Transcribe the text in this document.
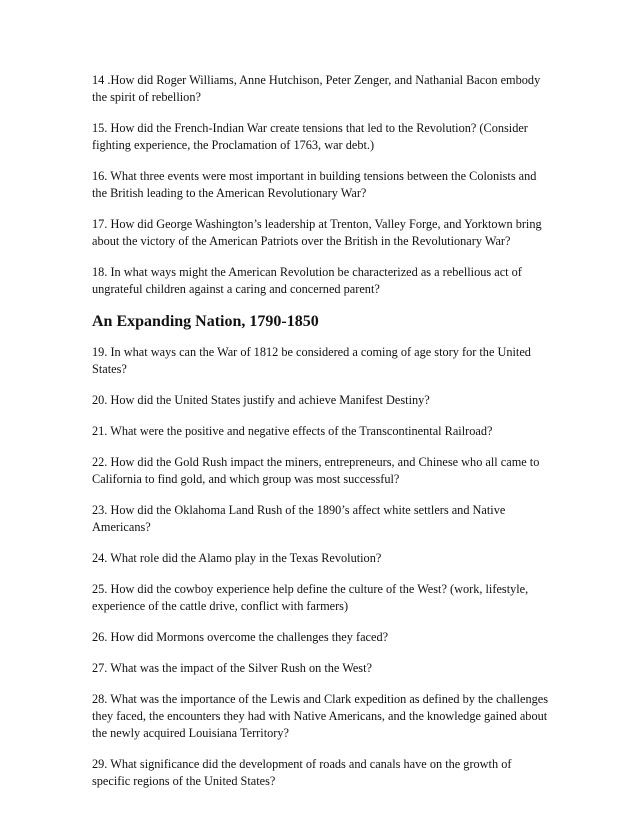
14 .How did Roger Williams, Anne Hutchison, Peter Zenger, and Nathanial Bacon embody the spirit of rebellion?

15. How did the French-Indian War create tensions that led to the Revolution? (Consider fighting experience, the Proclamation of 1763, war debt.)

16. What three events were most important in building tensions between the Colonists and the British leading to the American Revolutionary War?

17. How did George Washington’s leadership at Trenton, Valley Forge, and Yorktown bring about the victory of the American Patriots over the British in the Revolutionary War?

18. In what ways might the American Revolution be characterized as a rebellious act of ungrateful children against a caring and concerned parent?

An Expanding Nation, 1790-1850

19. In what ways can the War of 1812 be considered a coming of age story for the United States?

20. How did the United States justify and achieve Manifest Destiny?

21. What were the positive and negative effects of the Transcontinental Railroad?

22. How did the Gold Rush impact the miners, entrepreneurs, and Chinese who all came to California to find gold, and which group was most successful?

23. How did the Oklahoma Land Rush of the 1890’s affect white settlers and Native Americans?

24. What role did the Alamo play in the Texas Revolution?

25. How did the cowboy experience help define the culture of the West? (work, lifestyle, experience of the cattle drive, conflict with farmers)

26. How did Mormons overcome the challenges they faced?

27. What was the impact of the Silver Rush on the West?

28. What was the importance of the Lewis and Clark expedition as defined by the challenges they faced, the encounters they had with Native Americans, and the knowledge gained about the newly acquired Louisiana Territory?

29. What significance did the development of roads and canals have on the growth of specific regions of the United States?
